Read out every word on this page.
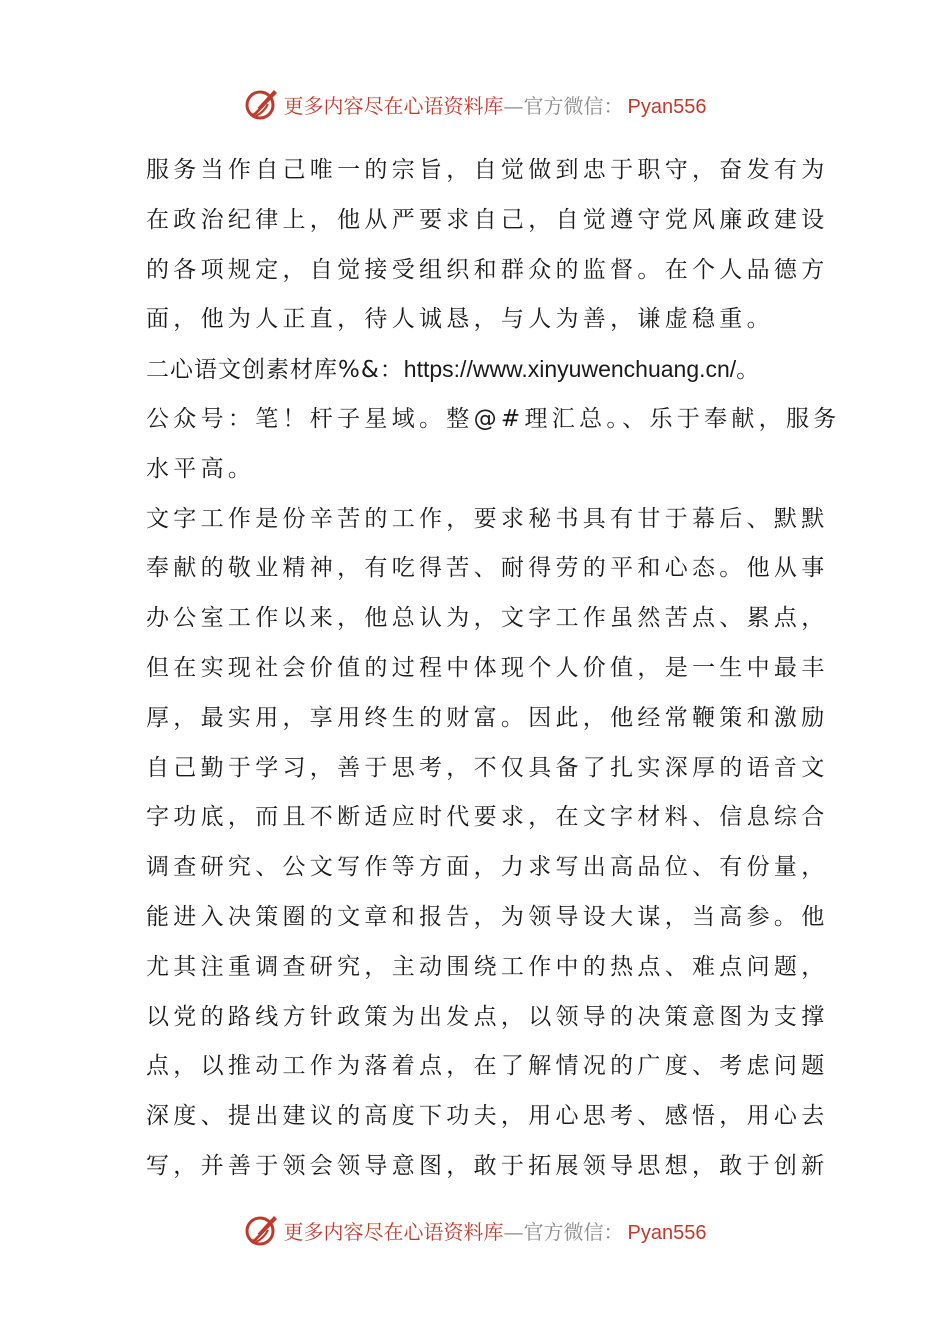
更多内容尽在心语资料库 — 官方微信： Pyan556
服务当作自己唯一的宗旨，自觉做到忠于职守，奋发有为
在政治纪律上，他从严要求自己，自觉遵守党风廉政建设
的各项规定，自觉接受组织和群众的监督。在个人品德方
面，他为人正直，待人诚恳，与人为善，谦虚稳重。
二心语文创素材库%&：https://www.xinyuwenchuang.cn/。
公众号：笔！杆子星域。整@#理汇总。、乐于奉献，服务
水平高。
文字工作是份辛苦的工作，要求秘书具有甘于幕后、默默
奉献的敬业精神，有吃得苦、耐得劳的平和心态。他从事
办公室工作以来，他总认为，文字工作虽然苦点、累点，
但在实现社会价值的过程中体现个人价值，是一生中最丰
厚，最实用，享用终生的财富。因此，他经常鞭策和激励
自己勤于学习，善于思考，不仅具备了扎实深厚的语音文
字功底，而且不断适应时代要求，在文字材料、信息综合
调查研究、公文写作等方面，力求写出高品位、有份量，
能进入决策圈的文章和报告，为领导设大谋，当高参。他
尤其注重调查研究，主动围绕工作中的热点、难点问题，
以党的路线方针政策为出发点，以领导的决策意图为支撑
点，以推动工作为落着点，在了解情况的广度、考虑问题
深度、提出建议的高度下功夫，用心思考、感悟，用心去
写，并善于领会领导意图，敢于拓展领导思想，敢于创新
更多内容尽在心语资料库 — 官方微信： Pyan556
